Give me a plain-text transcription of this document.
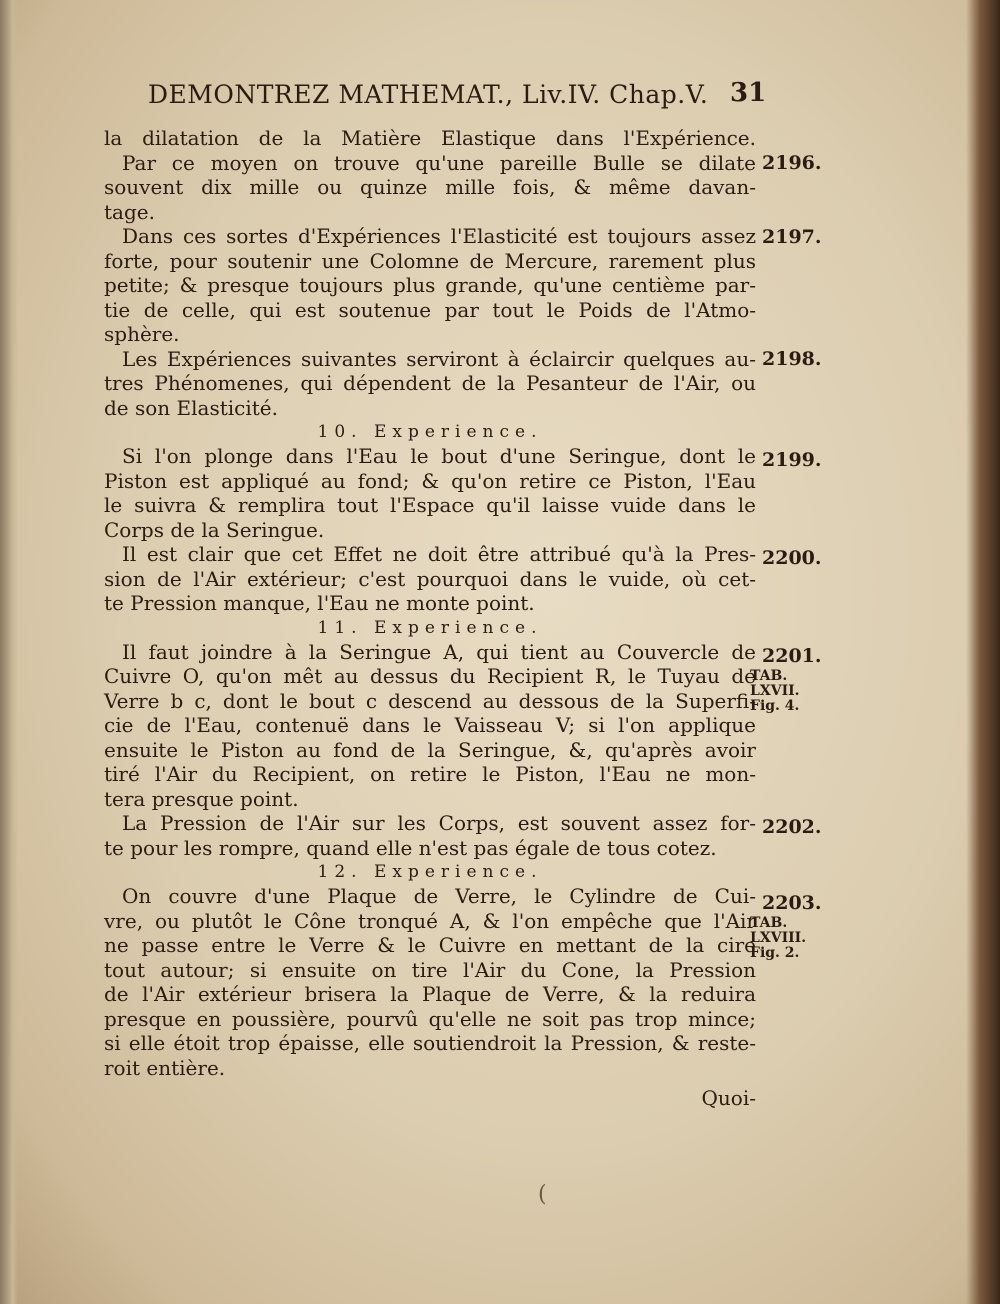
DEMONTREZ MATHEMAT., Liv.IV. Chap.V. 31
la dilatation de la Matière Elastique dans l'Expérience.
Par ce moyen on trouve qu'une pareille Bulle se dilate
souvent dix mille ou quinze mille fois, & même davan-
tage.
Dans ces sortes d'Expériences l'Elasticité est toujours assez
forte, pour soutenir une Colomne de Mercure, rarement plus
petite; & presque toujours plus grande, qu'une centième par-
tie de celle, qui est soutenue par tout le Poids de l'Atmo-
sphère.
Les Expériences suivantes serviront à éclaircir quelques au-
tres Phénomenes, qui dépendent de la Pesanteur de l'Air, ou
de son Elasticité.
10. Experience.
Si l'on plonge dans l'Eau le bout d'une Seringue, dont le
Piston est appliqué au fond; & qu'on retire ce Piston, l'Eau
le suivra & remplira tout l'Espace qu'il laisse vuide dans le
Corps de la Seringue.
Il est clair que cet Effet ne doit être attribué qu'à la Pres-
sion de l'Air extérieur; c'est pourquoi dans le vuide, où cet-
te Pression manque, l'Eau ne monte point.
11. Experience.
Il faut joindre à la Seringue A, qui tient au Couvercle de
Cuivre O, qu'on mêt au dessus du Recipient R, le Tuyau de
Verre b c, dont le bout c descend au dessous de la Superfi-
cie de l'Eau, contenuë dans le Vaisseau V; si l'on applique
ensuite le Piston au fond de la Seringue, &, qu'après avoir
tiré l'Air du Recipient, on retire le Piston, l'Eau ne mon-
tera presque point.
La Pression de l'Air sur les Corps, est souvent assez for-
te pour les rompre, quand elle n'est pas égale de tous cotez.
12. Experience.
On couvre d'une Plaque de Verre, le Cylindre de Cui-
vre, ou plutôt le Cône tronqué A, & l'on empêche que l'Air
ne passe entre le Verre & le Cuivre en mettant de la cire
tout autour; si ensuite on tire l'Air du Cone, la Pression
de l'Air extérieur brisera la Plaque de Verre, & la reduira
presque en poussière, pourvû qu'elle ne soit pas trop mince;
si elle étoit trop épaisse, elle soutiendroit la Pression, & reste-
roit entière.
Quoi-
2196.
2197.
2198.
2199.
2200.
2201.
2202.
2203.
TAB.
LXVII.
Fig. 4.
TAB.
LXVIII.
Fig. 2.
(
